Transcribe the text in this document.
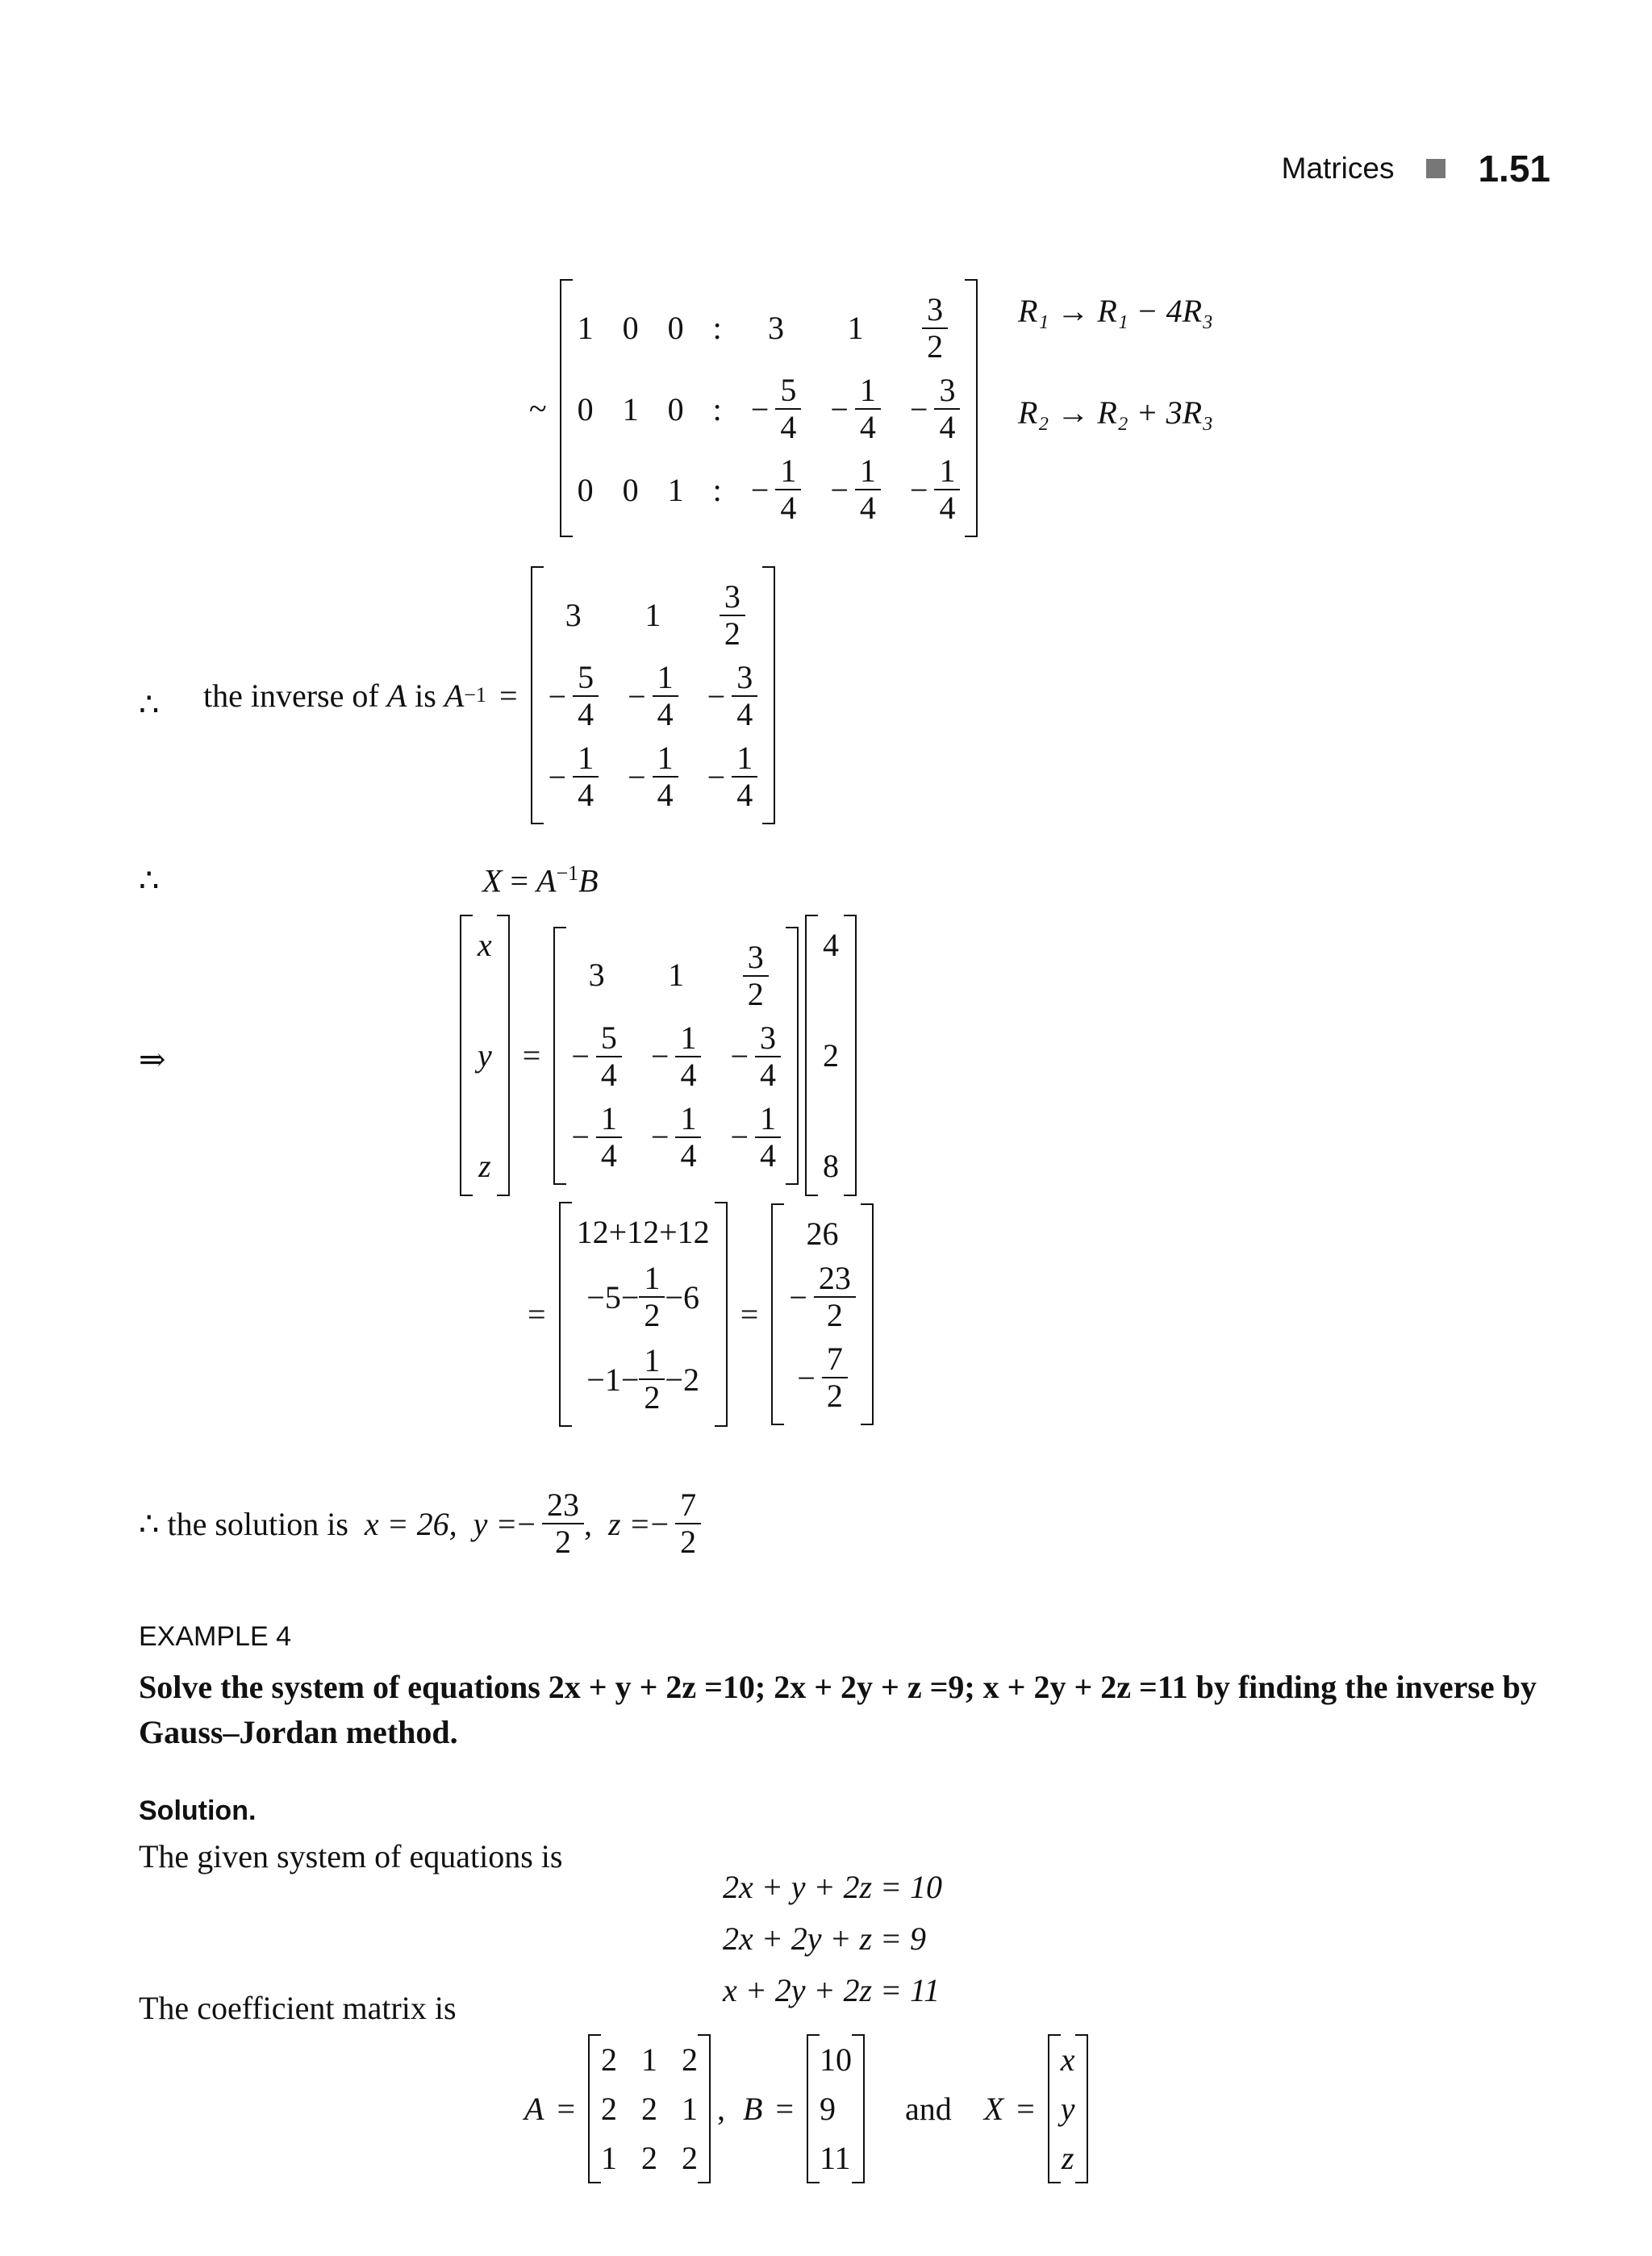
Matrices 1.51
~
1 0 0 : 3 $1 \frac{3}{2}$
0 1 0 : − $\frac{5}{4} - \frac{1}{4} - \frac{3}{4}$
0 0 1 : − $\frac{1}{4} - \frac{1}{4} - \frac{1}{4}$
R₁ → R₁ − 4R₃
R₂ → R₂ + 3R₃
∴ the inverse of
A
is
A −1 =
3 $1 \frac{3}{2}$
− $\frac{5}{4} - \frac{1}{4} - \frac{3}{4}$
− $\frac{1}{4} - \frac{1}{4} - \frac{1}{4}$
∴	$X = A^{-1}B$
⇒
x
y
z
=
3 $1 \frac{3}{2}$
− $\frac{5}{4} - \frac{1}{4} - \frac{3}{4}$
− $\frac{1}{4} - \frac{1}{4} - \frac{1}{4}$
4
2
8
=
12+12+12
$-5- \frac{1}{2} -6$
$-1- \frac{1}{2} -2$
=
26
− $\frac{23}{2}$
− $\frac{7}{2}$
∴
the solution is
x = 26,
y = − $\frac{23}{2}$ ,
z = − $\frac{7}{2}$
EXAMPLE 4
Solve the system of equations 2x + y + 2z =10; 2x + 2y + z =9; x + 2y + 2z =11 by finding the inverse by Gauss–Jordan method.
Solution.
The given system of equations is
2x + y + 2z = 10
2x + 2y + z = 9
x + 2y + 2z = 11
The coefficient matrix is
A =
2 1 2
2 2 1
1 2 2
, B =
10
9
11
and X =
x
y
z
